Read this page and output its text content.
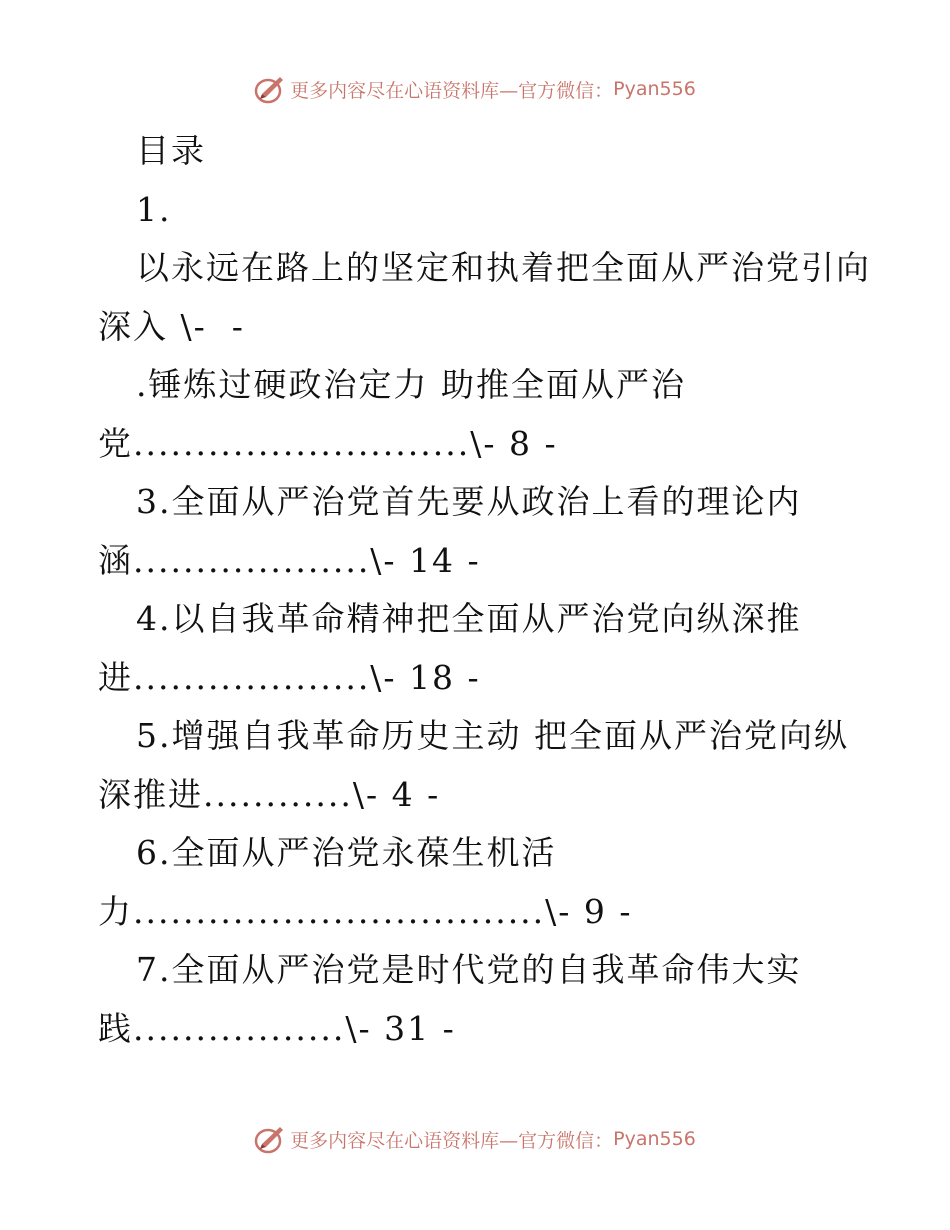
更多内容尽在心语资料库—官方微信： Pyan556
目录
1.
以永远在路上的坚定和执着把全面从严治党引向
深入 \-  -
.锤炼过硬政治定力 助推全面从严治
党...........................\- 8 -
3.全面从严治党首先要从政治上看的理论内
涵...................\- 14 -
4.以自我革命精神把全面从严治党向纵深推
进...................\- 18 -
5.增强自我革命历史主动 把全面从严治党向纵
深推进............\- 4 -
6.全面从严治党永葆生机活
力.................................\- 9 -
7.全面从严治党是时代党的自我革命伟大实
践.................\- 31 -
更多内容尽在心语资料库—官方微信： Pyan556
